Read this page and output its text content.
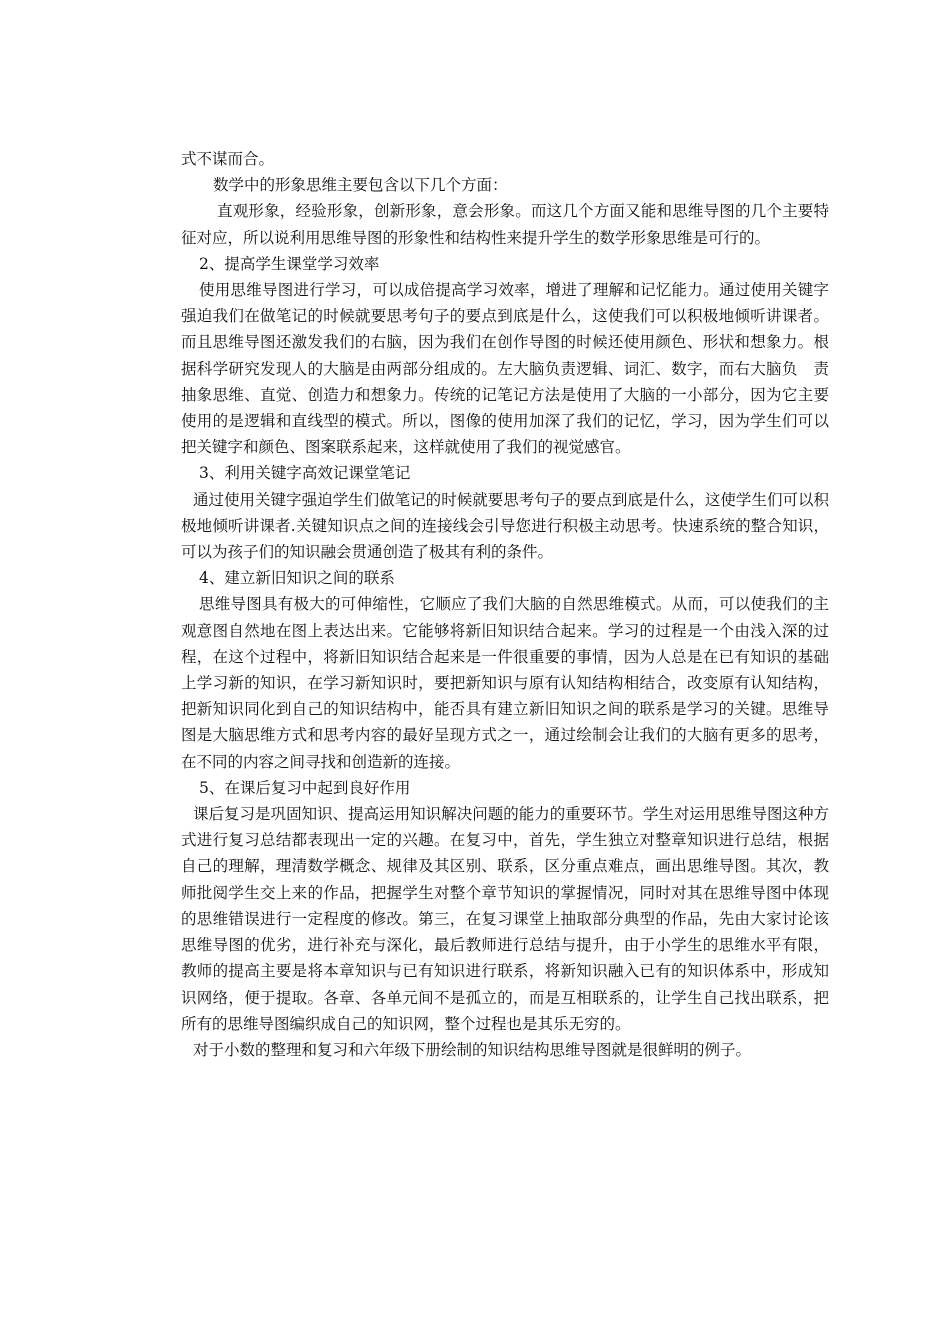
式不谋而合。

数学中的形象思维主要包含以下几个方面：

直观形象，经验形象，创新形象，意会形象。而这几个方面又能和思维导图的几个主要特征对应，所以说利用思维导图的形象性和结构性来提升学生的数学形象思维是可行的。

2、提高学生课堂学习效率

使用思维导图进行学习，可以成倍提高学习效率，增进了理解和记忆能力。通过使用关键字强迫我们在做笔记的时候就要思考句子的要点到底是什么，这使我们可以积极地倾听讲课者。而且思维导图还激发我们的右脑，因为我们在创作导图的时候还使用颜色、形状和想象力。根据科学研究发现人的大脑是由两部分组成的。左大脑负责逻辑、词汇、数字，而右大脑负　责抽象思维、直觉、创造力和想象力。传统的记笔记方法是使用了大脑的一小部分，因为它主要使用的是逻辑和直线型的模式。所以，图像的使用加深了我们的记忆，学习，因为学生们可以把关键字和颜色、图案联系起来，这样就使用了我们的视觉感官。

3、利用关键字高效记课堂笔记

通过使用关键字强迫学生们做笔记的时候就要思考句子的要点到底是什么，这使学生们可以积极地倾听讲课者.关键知识点之间的连接线会引导您进行积极主动思考。快速系统的整合知识，可以为孩子们的知识融会贯通创造了极其有利的条件。

4、建立新旧知识之间的联系

思维导图具有极大的可伸缩性，它顺应了我们大脑的自然思维模式。从而，可以使我们的主观意图自然地在图上表达出来。它能够将新旧知识结合起来。学习的过程是一个由浅入深的过程，在这个过程中，将新旧知识结合起来是一件很重要的事情，因为人总是在已有知识的基础上学习新的知识，在学习新知识时，要把新知识与原有认知结构相结合，改变原有认知结构，把新知识同化到自己的知识结构中，能否具有建立新旧知识之间的联系是学习的关键。思维导图是大脑思维方式和思考内容的最好呈现方式之一，通过绘制会让我们的大脑有更多的思考，在不同的内容之间寻找和创造新的连接。

5、在课后复习中起到良好作用

课后复习是巩固知识、提高运用知识解决问题的能力的重要环节。学生对运用思维导图这种方式进行复习总结都表现出一定的兴趣。在复习中，首先，学生独立对整章知识进行总结，根据自己的理解，理清数学概念、规律及其区别、联系，区分重点难点，画出思维导图。其次，教师批阅学生交上来的作品，把握学生对整个章节知识的掌握情况，同时对其在思维导图中体现的思维错误进行一定程度的修改。第三，在复习课堂上抽取部分典型的作品，先由大家讨论该思维导图的优劣，进行补充与深化，最后教师进行总结与提升，由于小学生的思维水平有限，教师的提高主要是将本章知识与已有知识进行联系，将新知识融入已有的知识体系中，形成知识网络，便于提取。各章、各单元间不是孤立的，而是互相联系的，让学生自己找出联系，把所有的思维导图编织成自己的知识网，整个过程也是其乐无穷的。

对于小数的整理和复习和六年级下册绘制的知识结构思维导图就是很鲜明的例子。
